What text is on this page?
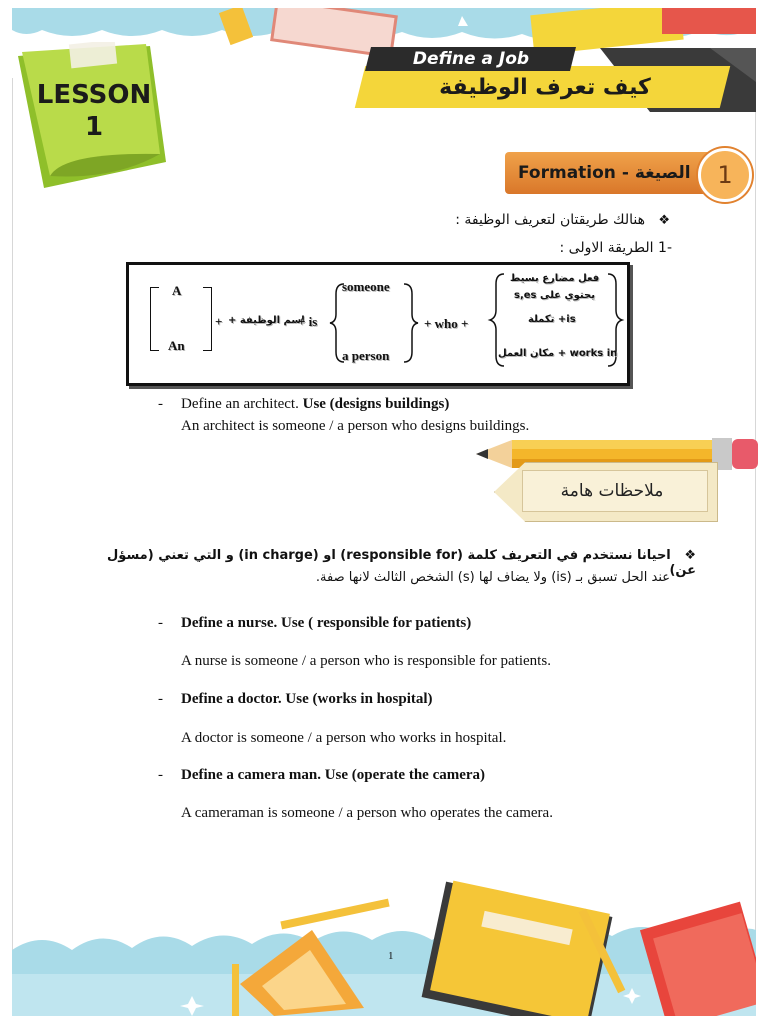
Define a Job
كيف تعرف الوظيفة
LESSON
1
Formation - الصيغة	1
❖   هنالك طريقتان لتعريف الوظيفة :
-1 الطريقة الاولى :
A
An
+ اسم الوظيفة +
+ is
someone
a person
+ who +
فعل مضارع بسيط
يحتوي على s,es
is+ تكملة
works in + مكان العمل
- Define an architect. Use (designs buildings)
An architect is someone / a person who designs buildings.
ملاحظات هامة
❖   احيانا نستخدم في التعريف كلمة (responsible for) او (in charge) و التي تعني (مسؤل عن)
عند الحل تسبق بـ (is) ولا يضاف لها (s) الشخص الثالث لانها صفة.
- Define a nurse. Use ( responsible for patients)
A nurse is someone / a person who is responsible for patients.
- Define a doctor. Use (works in hospital)
A doctor is someone / a person who works in hospital.
- Define a camera man. Use (operate the camera)
A cameraman is someone / a person who operates the camera.
1
